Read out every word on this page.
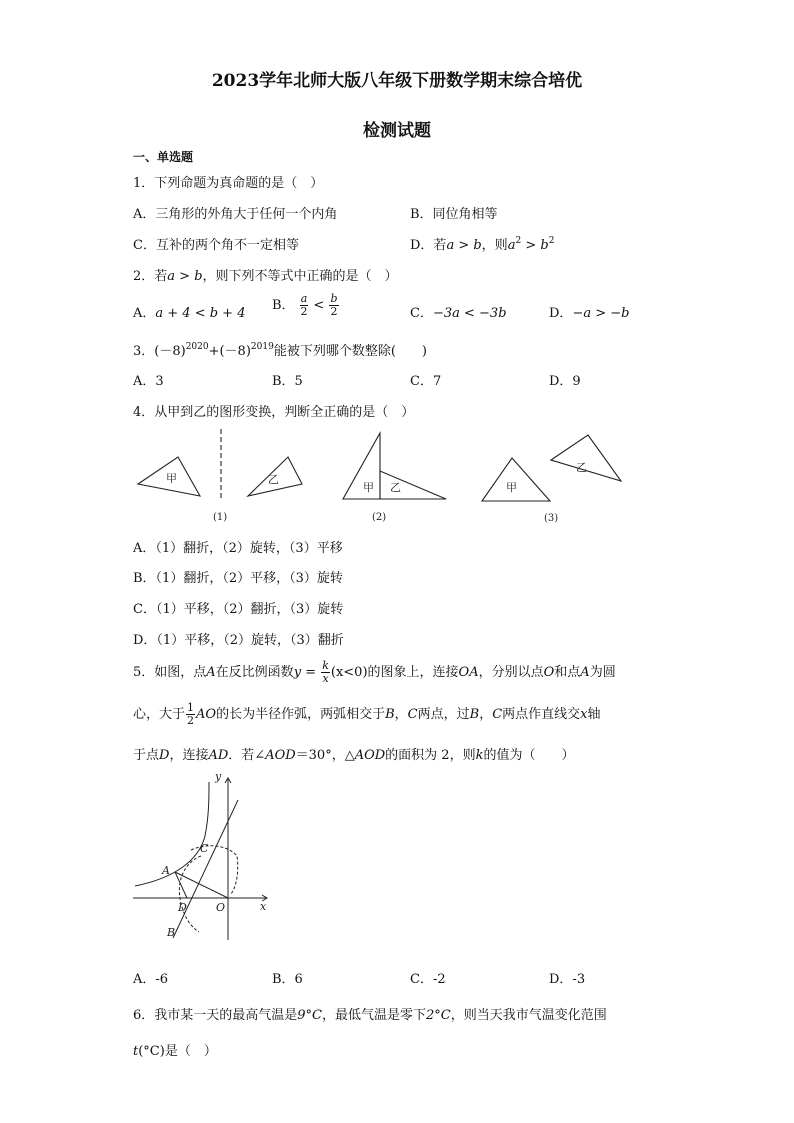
2023学年北师大版八年级下册数学期末综合培优
检测试题
一、单选题
1．下列命题为真命题的是（　）
A．三角形的外角大于任何一个内角	B．同位角相等
C．互补的两个角不一定相等	D．若a > b，则$a^2 > b^2$
2．若a > b，则下列不等式中正确的是（　）
A．a + 4 < b + 4
B． $\frac{a}{2} < \frac{b}{2}$	C．−3a < −3b	D．−a > −b
3．$(-8)^{2020}+(-8)^{2019}$能被下列哪个数整除(　　)
A．3	B．5	C．7	D．9
4．从甲到乙的图形变换，判断全正确的是（　）
甲	乙
甲 乙	甲
乙
(1)	(2)	(3)
A．（1）翻折，（2）旋转，（3）平移
B．（1）翻折，（2）平移，（3）旋转
C．（1）平移，（2）翻折，（3）旋转
D．（1）平移，（2）旋转，（3）翻折
5．如图，点A在反比例函数$y = \frac{k}{x}(x<0)$的图象上，连接OA，分别以点O和点A为圆
心，大于 $\frac{1}{2}$ AO的长为半径作弧，两弧相交于B，C两点，过B，C两点作直线交x轴
于点D，连接AD．若∠AOD＝30°，△AOD的面积为 2，则k的值为（　　）
y
x
A
C
D	O
B
A．-6	B．6	C．-2	D．-3
6．我市某一天的最高气温是9°C，最低气温是零下2°C，则当天我市气温变化范围
t(°C)是（　）
